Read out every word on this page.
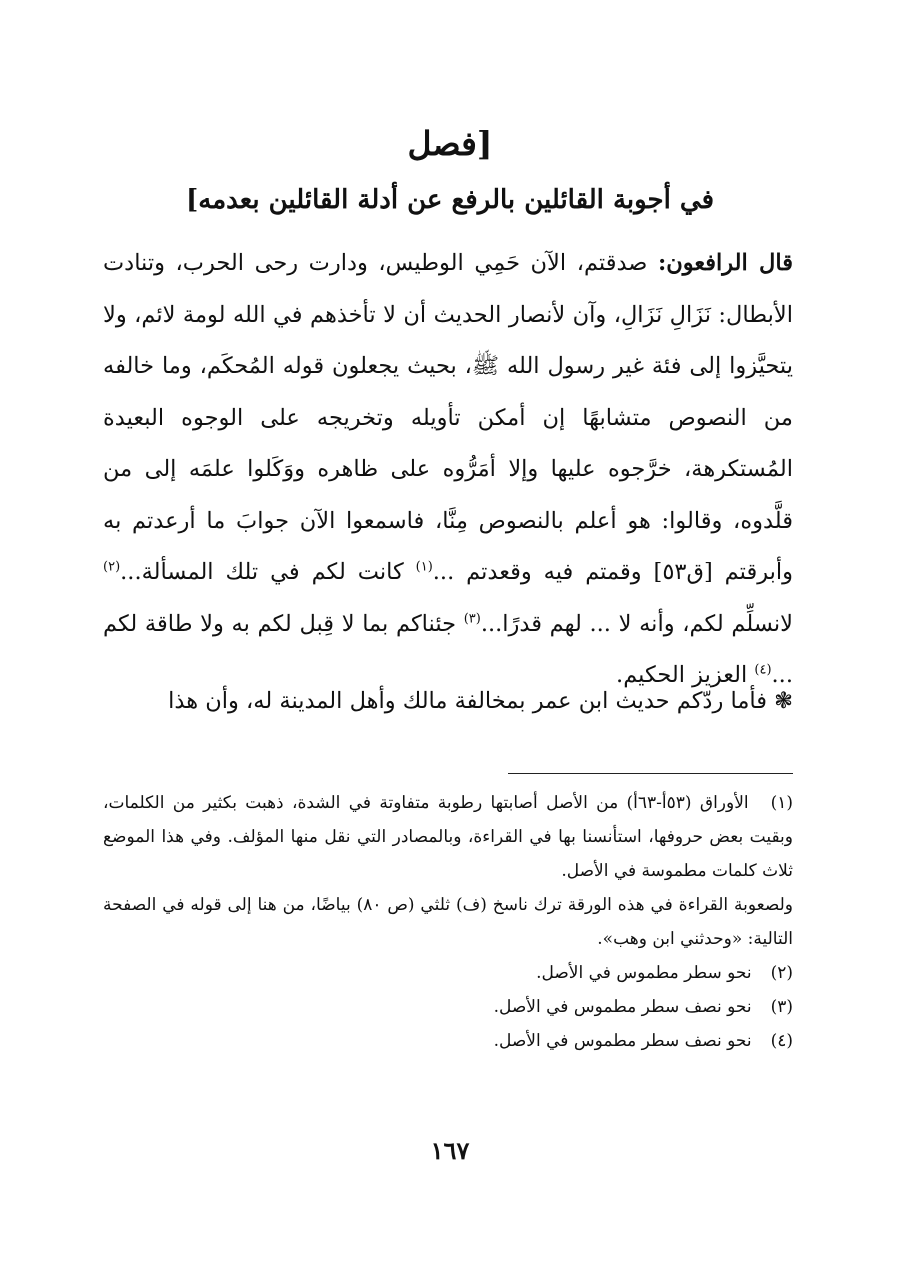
[فصل
في أجوبة القائلين بالرفع عن أدلة القائلين بعدمه]

قال الرافعون: صدقتم، الآن حَمِي الوطيس، ودارت رحى الحرب، وتنادت الأبطال: نَزَالِ نَزَالِ، وآن لأنصار الحديث أن لا تأخذهم في الله لومة لائم، ولا يتحيَّزوا إلى فئة غير رسول الله ﷺ، بحيث يجعلون قوله المُحكَم، وما خالفه من النصوص متشابهًا إن أمكن تأويله وتخريجه على الوجوه البعيدة المُستكرهة، خرَّجوه عليها وإلا أمَرُّوه على ظاهره ووَكَلوا علمَه إلى من قلَّدوه، وقالوا: هو أعلم بالنصوص مِنَّا، فاسمعوا الآن جوابَ ما أرعدتم به وأبرقتم [ق٥٣] وقمتم فيه وقعدتم ...$^{(١)}$ كانت لكم في تلك المسألة...$^{(٢)}$ لانسلِّم لكم، وأنه لا ... لهم قدرًا...$^{(٣)}$ جئناكم بما لا قِبل لكم به ولا طاقة لكم ...$^{(٤)}$ العزيز الحكيم.

❃ فأما ردّكم حديث ابن عمر بمخالفة مالك وأهل المدينة له، وأن هذا

(١) الأوراق (٥٣أ-٦٣أ) من الأصل أصابتها رطوبة متفاوتة في الشدة، ذهبت بكثير من الكلمات، وبقيت بعض حروفها، استأنسنا بها في القراءة، وبالمصادر التي نقل منها المؤلف. وفي هذا الموضع ثلاث كلمات مطموسة في الأصل.
ولصعوبة القراءة في هذه الورقة ترك ناسخ (ف) ثلثي (ص ٨٠) بياضًا، من هنا إلى قوله في الصفحة التالية: «وحدثني ابن وهب».
(٢) نحو سطر مطموس في الأصل.
(٣) نحو نصف سطر مطموس في الأصل.
(٤) نحو نصف سطر مطموس في الأصل.
١٦٧
